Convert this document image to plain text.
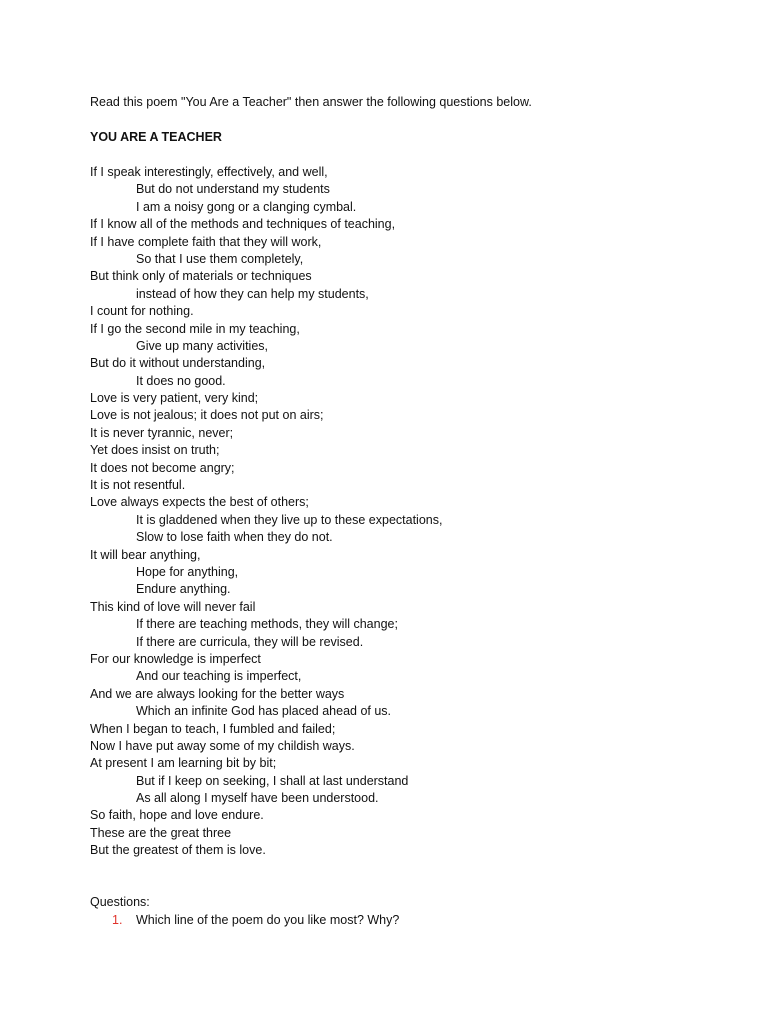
Read this poem "You Are a Teacher" then answer the following questions below.
YOU ARE A TEACHER
If I speak interestingly, effectively, and well,
But do not understand my students
I am a noisy gong or a clanging cymbal.
If I know all of the methods and techniques of teaching,
If I have complete faith that they will work,
So that I use them completely,
But think only of materials or techniques
instead of how they can help my students,
I count for nothing.
If I go the second mile in my teaching,
Give up many activities,
But do it without understanding,
It does no good.
Love is very patient, very kind;
Love is not jealous; it does not put on airs;
It is never tyrannic, never;
Yet does insist on truth;
It does not become angry;
It is not resentful.
Love always expects the best of others;
It is gladdened when they live up to these expectations,
Slow to lose faith when they do not.
It will bear anything,
Hope for anything,
Endure anything.
This kind of love will never fail
If there are teaching methods, they will change;
If there are curricula, they will be revised.
For our knowledge is imperfect
And our teaching is imperfect,
And we are always looking for the better ways
Which an infinite God has placed ahead of us.
When I began to teach, I fumbled and failed;
Now I have put away some of my childish ways.
At present I am learning bit by bit;
But if I keep on seeking, I shall at last understand
As all along I myself have been understood.
So faith, hope and love endure.
These are the great three
But the greatest of them is love.
Questions:
1. Which line of the poem do you like most? Why?
